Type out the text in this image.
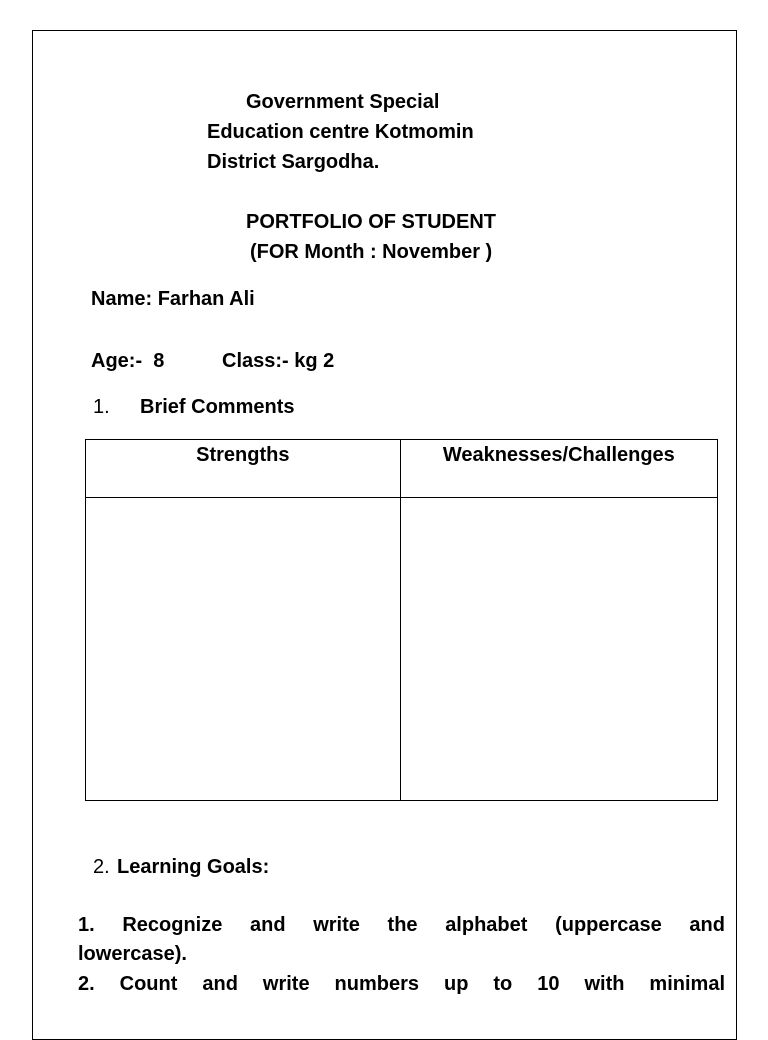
Government Special
Education centre Kotmomin
District Sargodha.
PORTFOLIO OF STUDENT
(FOR Month : November )
Name: Farhan Ali
Age:-  8	Class:- kg 2
1. Brief Comments
Strengths	Weaknesses/Challenges

2. Learning Goals:
1. Recognize and write the alphabet (uppercase and
lowercase).
2. Count and write numbers up to 10 with minimal
